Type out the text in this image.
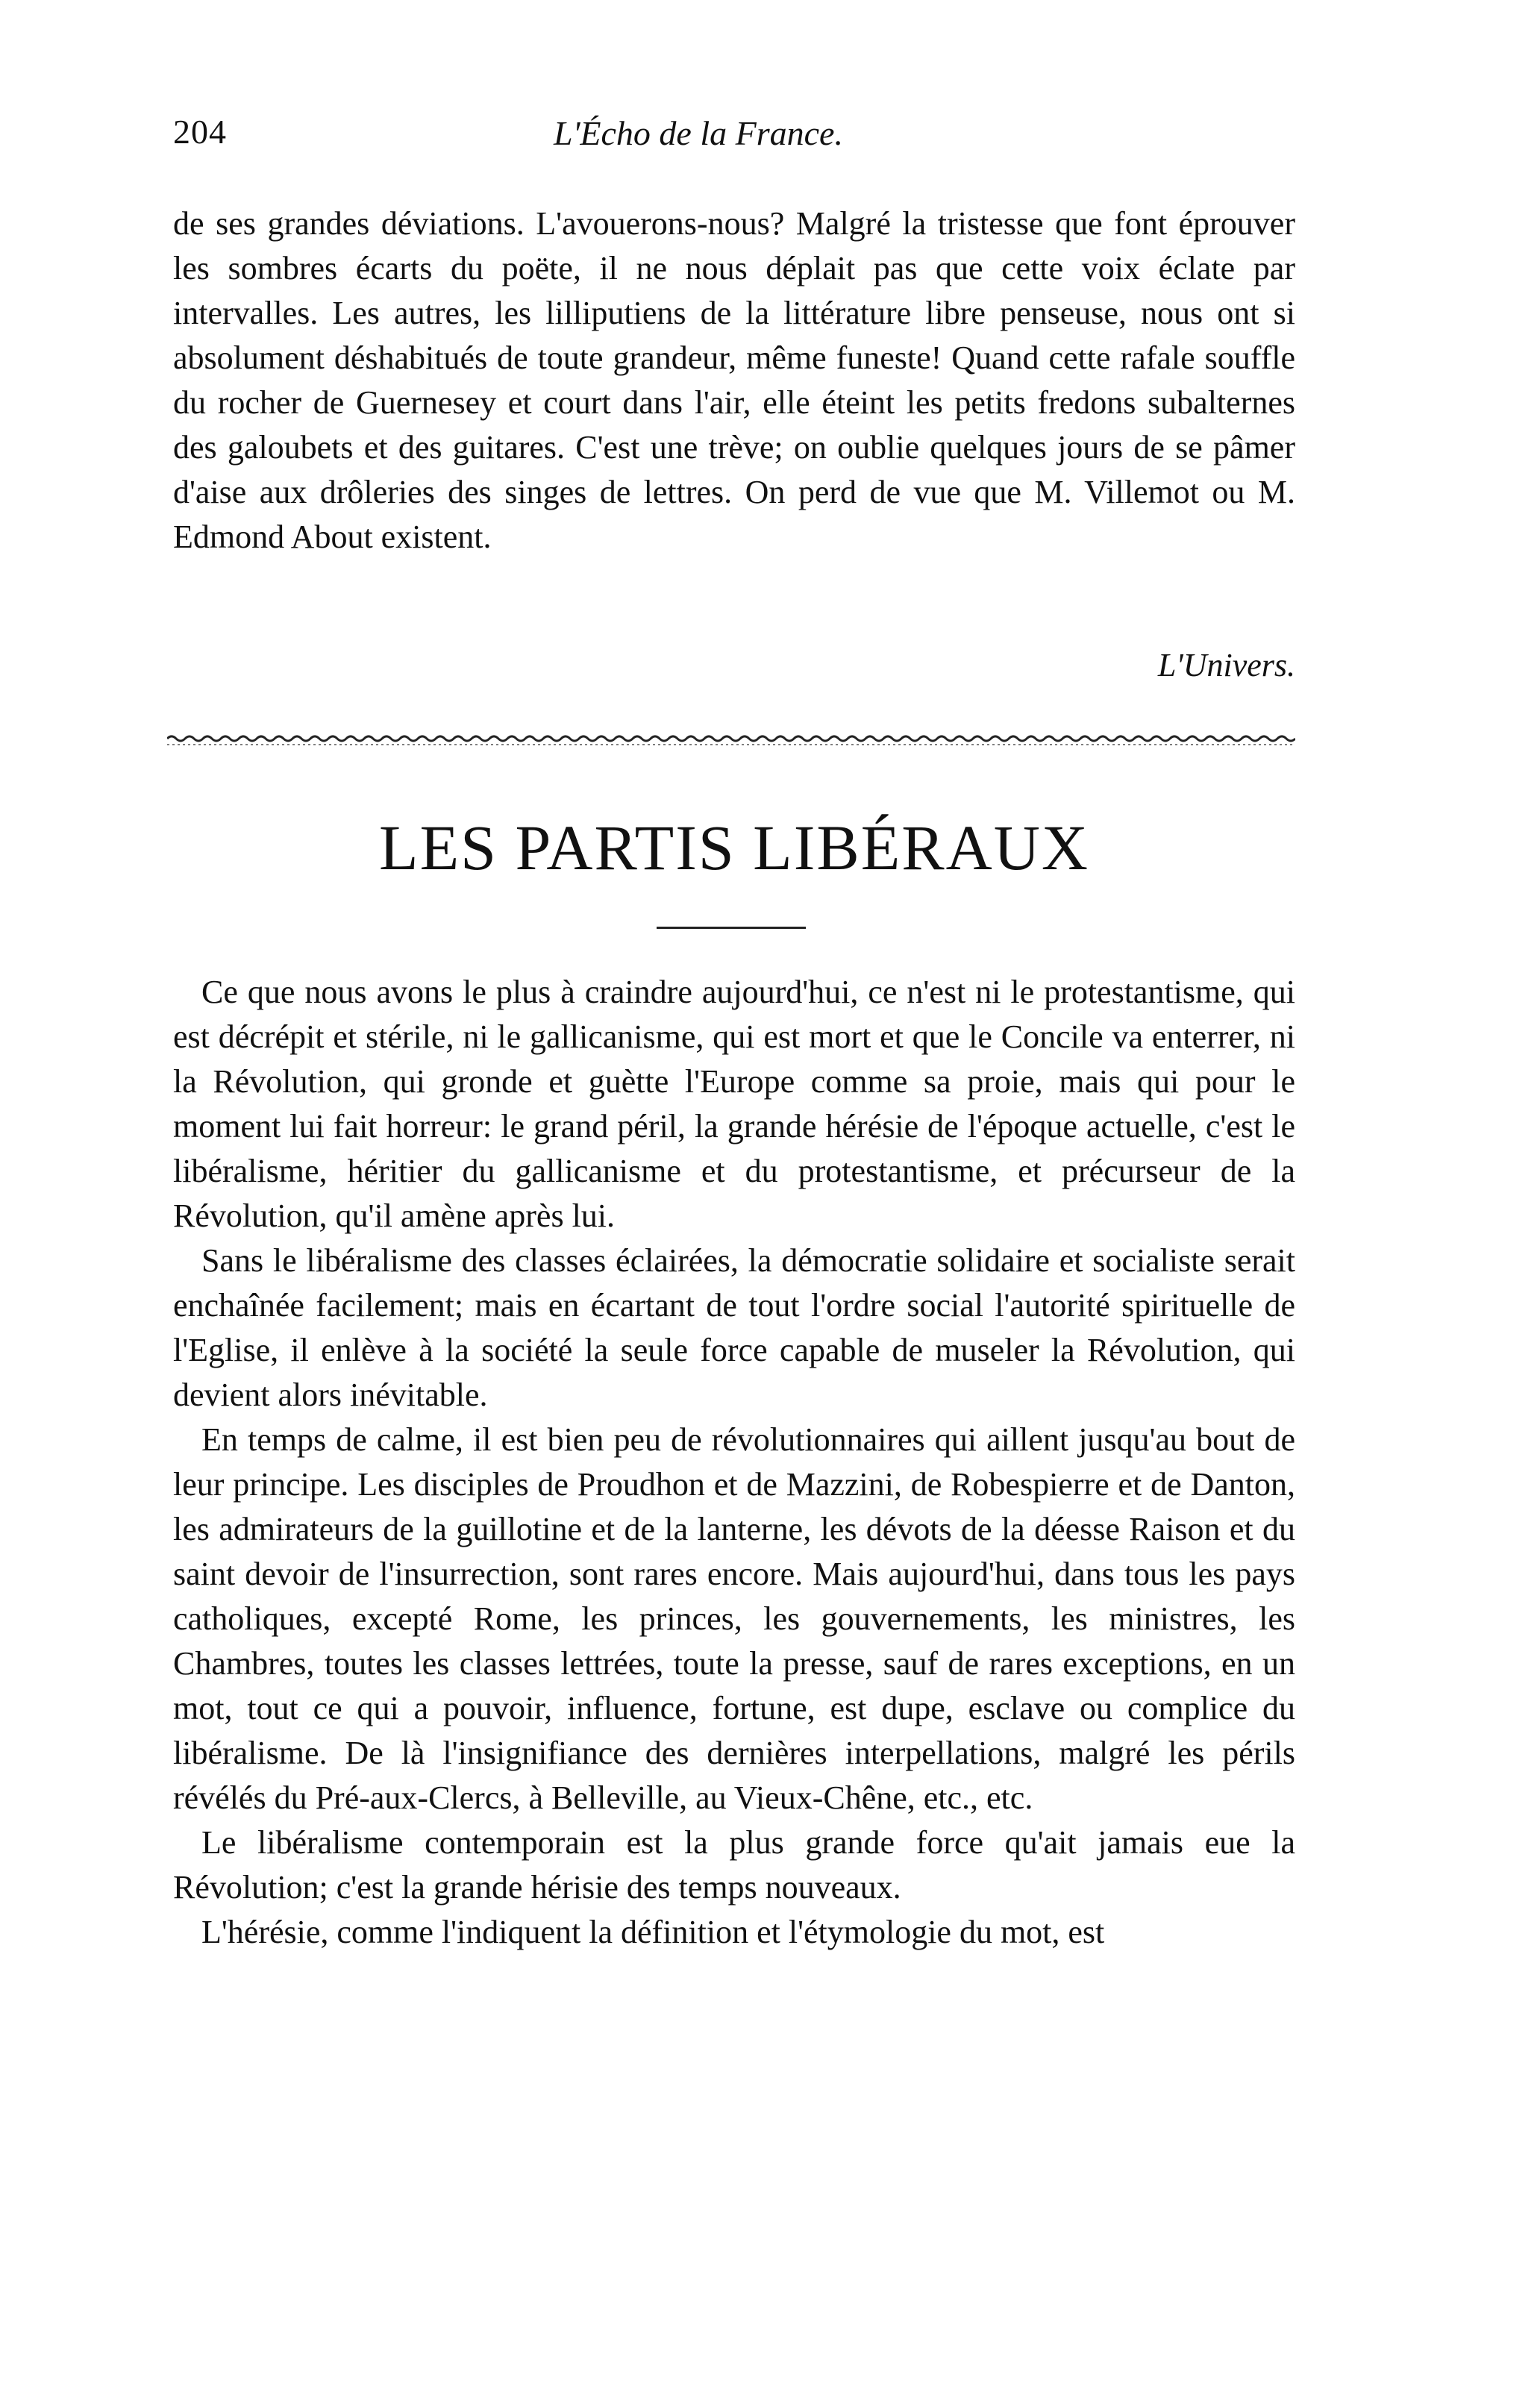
204	L'Écho de la France.

de ses grandes déviations. L'avouerons-nous? Malgré la tristesse que font éprouver les sombres écarts du poëte, il ne nous déplait pas que cette voix éclate par intervalles. Les autres, les lilliputiens de la littérature libre penseuse, nous ont si absolument déshabitués de toute grandeur, même funeste! Quand cette rafale souffle du rocher de Guernesey et court dans l'air, elle éteint les petits fredons subalternes des galoubets et des guitares. C'est une trève; on oublie quelques jours de se pâmer d'aise aux drôleries des singes de lettres. On perd de vue que M. Villemot ou M. Edmond About existent.

L'Univers.
LES PARTIS LIBÉRAUX

Ce que nous avons le plus à craindre aujourd'hui, ce n'est ni le protestantisme, qui est décrépit et stérile, ni le gallicanisme, qui est mort et que le Concile va enterrer, ni la Révolution, qui gronde et guètte l'Europe comme sa proie, mais qui pour le moment lui fait horreur: le grand péril, la grande hérésie de l'époque actuelle, c'est le libéralisme, héritier du gallicanisme et du protestantisme, et précurseur de la Révolution, qu'il amène après lui.

Sans le libéralisme des classes éclairées, la démocratie solidaire et socialiste serait enchaînée facilement; mais en écartant de tout l'ordre social l'autorité spirituelle de l'Eglise, il enlève à la société la seule force capable de museler la Révolution, qui devient alors inévitable.

En temps de calme, il est bien peu de révolutionnaires qui aillent jusqu'au bout de leur principe. Les disciples de Proudhon et de Mazzini, de Robespierre et de Danton, les admirateurs de la guillotine et de la lanterne, les dévots de la déesse Raison et du saint devoir de l'insurrection, sont rares encore. Mais aujourd'hui, dans tous les pays catholiques, excepté Rome, les princes, les gouvernements, les ministres, les Chambres, toutes les classes lettrées, toute la presse, sauf de rares exceptions, en un mot, tout ce qui a pouvoir, influence, fortune, est dupe, esclave ou complice du libéralisme. De là l'insignifiance des dernières interpellations, malgré les périls révélés du Pré-aux-Clercs, à Belleville, au Vieux-Chêne, etc., etc.

Le libéralisme contemporain est la plus grande force qu'ait jamais eue la Révolution; c'est la grande hérisie des temps nouveaux.

L'hérésie, comme l'indiquent la définition et l'étymologie du mot, est
